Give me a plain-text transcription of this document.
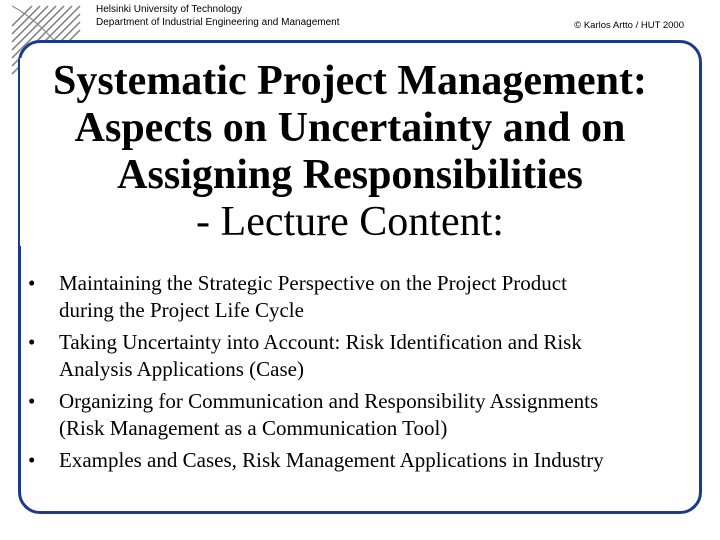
Helsinki University of Technology
Department of Industrial Engineering and Management	© Karlos Artto / HUT 2000
Systematic Project Management:
Aspects on Uncertainty and on
Assigning Responsibilities
- Lecture Content:
• Maintaining the Strategic Perspective on the Project Product
during the Project Life Cycle
• Taking Uncertainty into Account: Risk Identification and Risk
Analysis Applications (Case)
• Organizing for Communication and Responsibility Assignments
(Risk Management as a Communication Tool)
• Examples and Cases, Risk Management Applications in Industry
